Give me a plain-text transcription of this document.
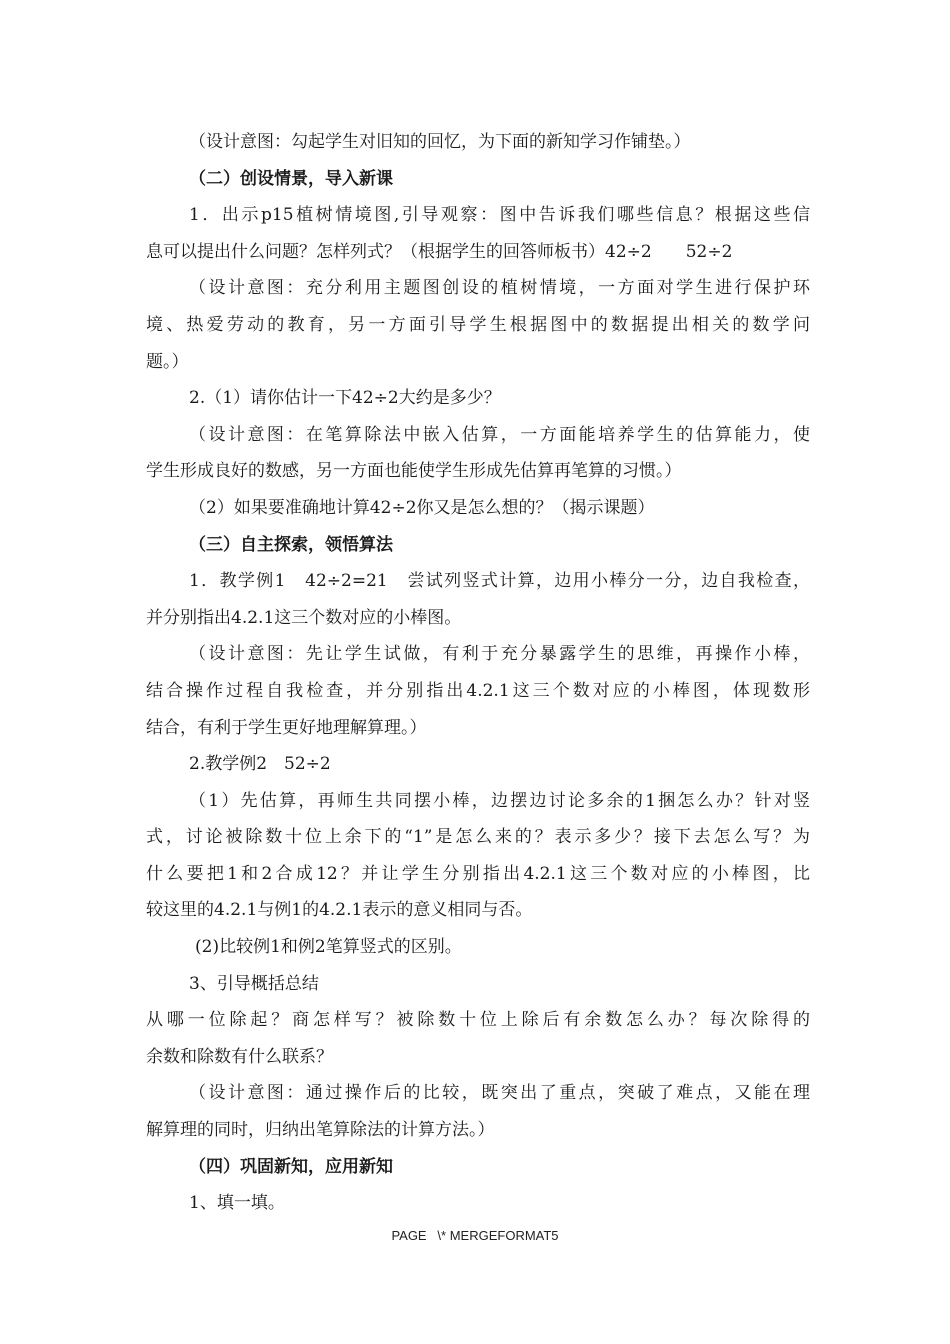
（设计意图：勾起学生对旧知的回忆，为下面的新知学习作铺垫。）
（二）创设情景，导入新课
1．出示p15植树情境图,引导观察：图中告诉我们哪些信息？根据这些信
息可以提出什么问题？怎样列式？（根据学生的回答师板书）42÷2　　52÷2
（设计意图：充分利用主题图创设的植树情境，一方面对学生进行保护环
境、热爱劳动的教育，另一方面引导学生根据图中的数据提出相关的数学问
题。）
2.（1）请你估计一下42÷2大约是多少？
（设计意图：在笔算除法中嵌入估算，一方面能培养学生的估算能力，使
学生形成良好的数感，另一方面也能使学生形成先估算再笔算的习惯。）
（2）如果要准确地计算42÷2你又是怎么想的？（揭示课题）
（三）自主探索，领悟算法
1．教学例1　42÷2=21　尝试列竖式计算，边用小棒分一分，边自我检查，
并分别指出4.2.1这三个数对应的小棒图。
（设计意图：先让学生试做，有利于充分暴露学生的思维，再操作小棒，
结合操作过程自我检查，并分别指出4.2.1这三个数对应的小棒图，体现数形
结合，有利于学生更好地理解算理。）
2.教学例2　52÷2
（1）先估算，再师生共同摆小棒，边摆边讨论多余的1捆怎么办？针对竖
式，讨论被除数十位上余下的“1”是怎么来的？表示多少？接下去怎么写？为
什么要把1和2合成12？并让学生分别指出4.2.1这三个数对应的小棒图，比
较这里的4.2.1与例1的4.2.1表示的意义相同与否。
(2)比较例1和例2笔算竖式的区别。
3、引导概括总结
从哪一位除起？商怎样写？被除数十位上除后有余数怎么办？每次除得的
余数和除数有什么联系？
（设计意图：通过操作后的比较，既突出了重点，突破了难点，又能在理
解算理的同时，归纳出笔算除法的计算方法。）
（四）巩固新知，应用新知
1、填一填。
PAGE   \* MERGEFORMAT5
